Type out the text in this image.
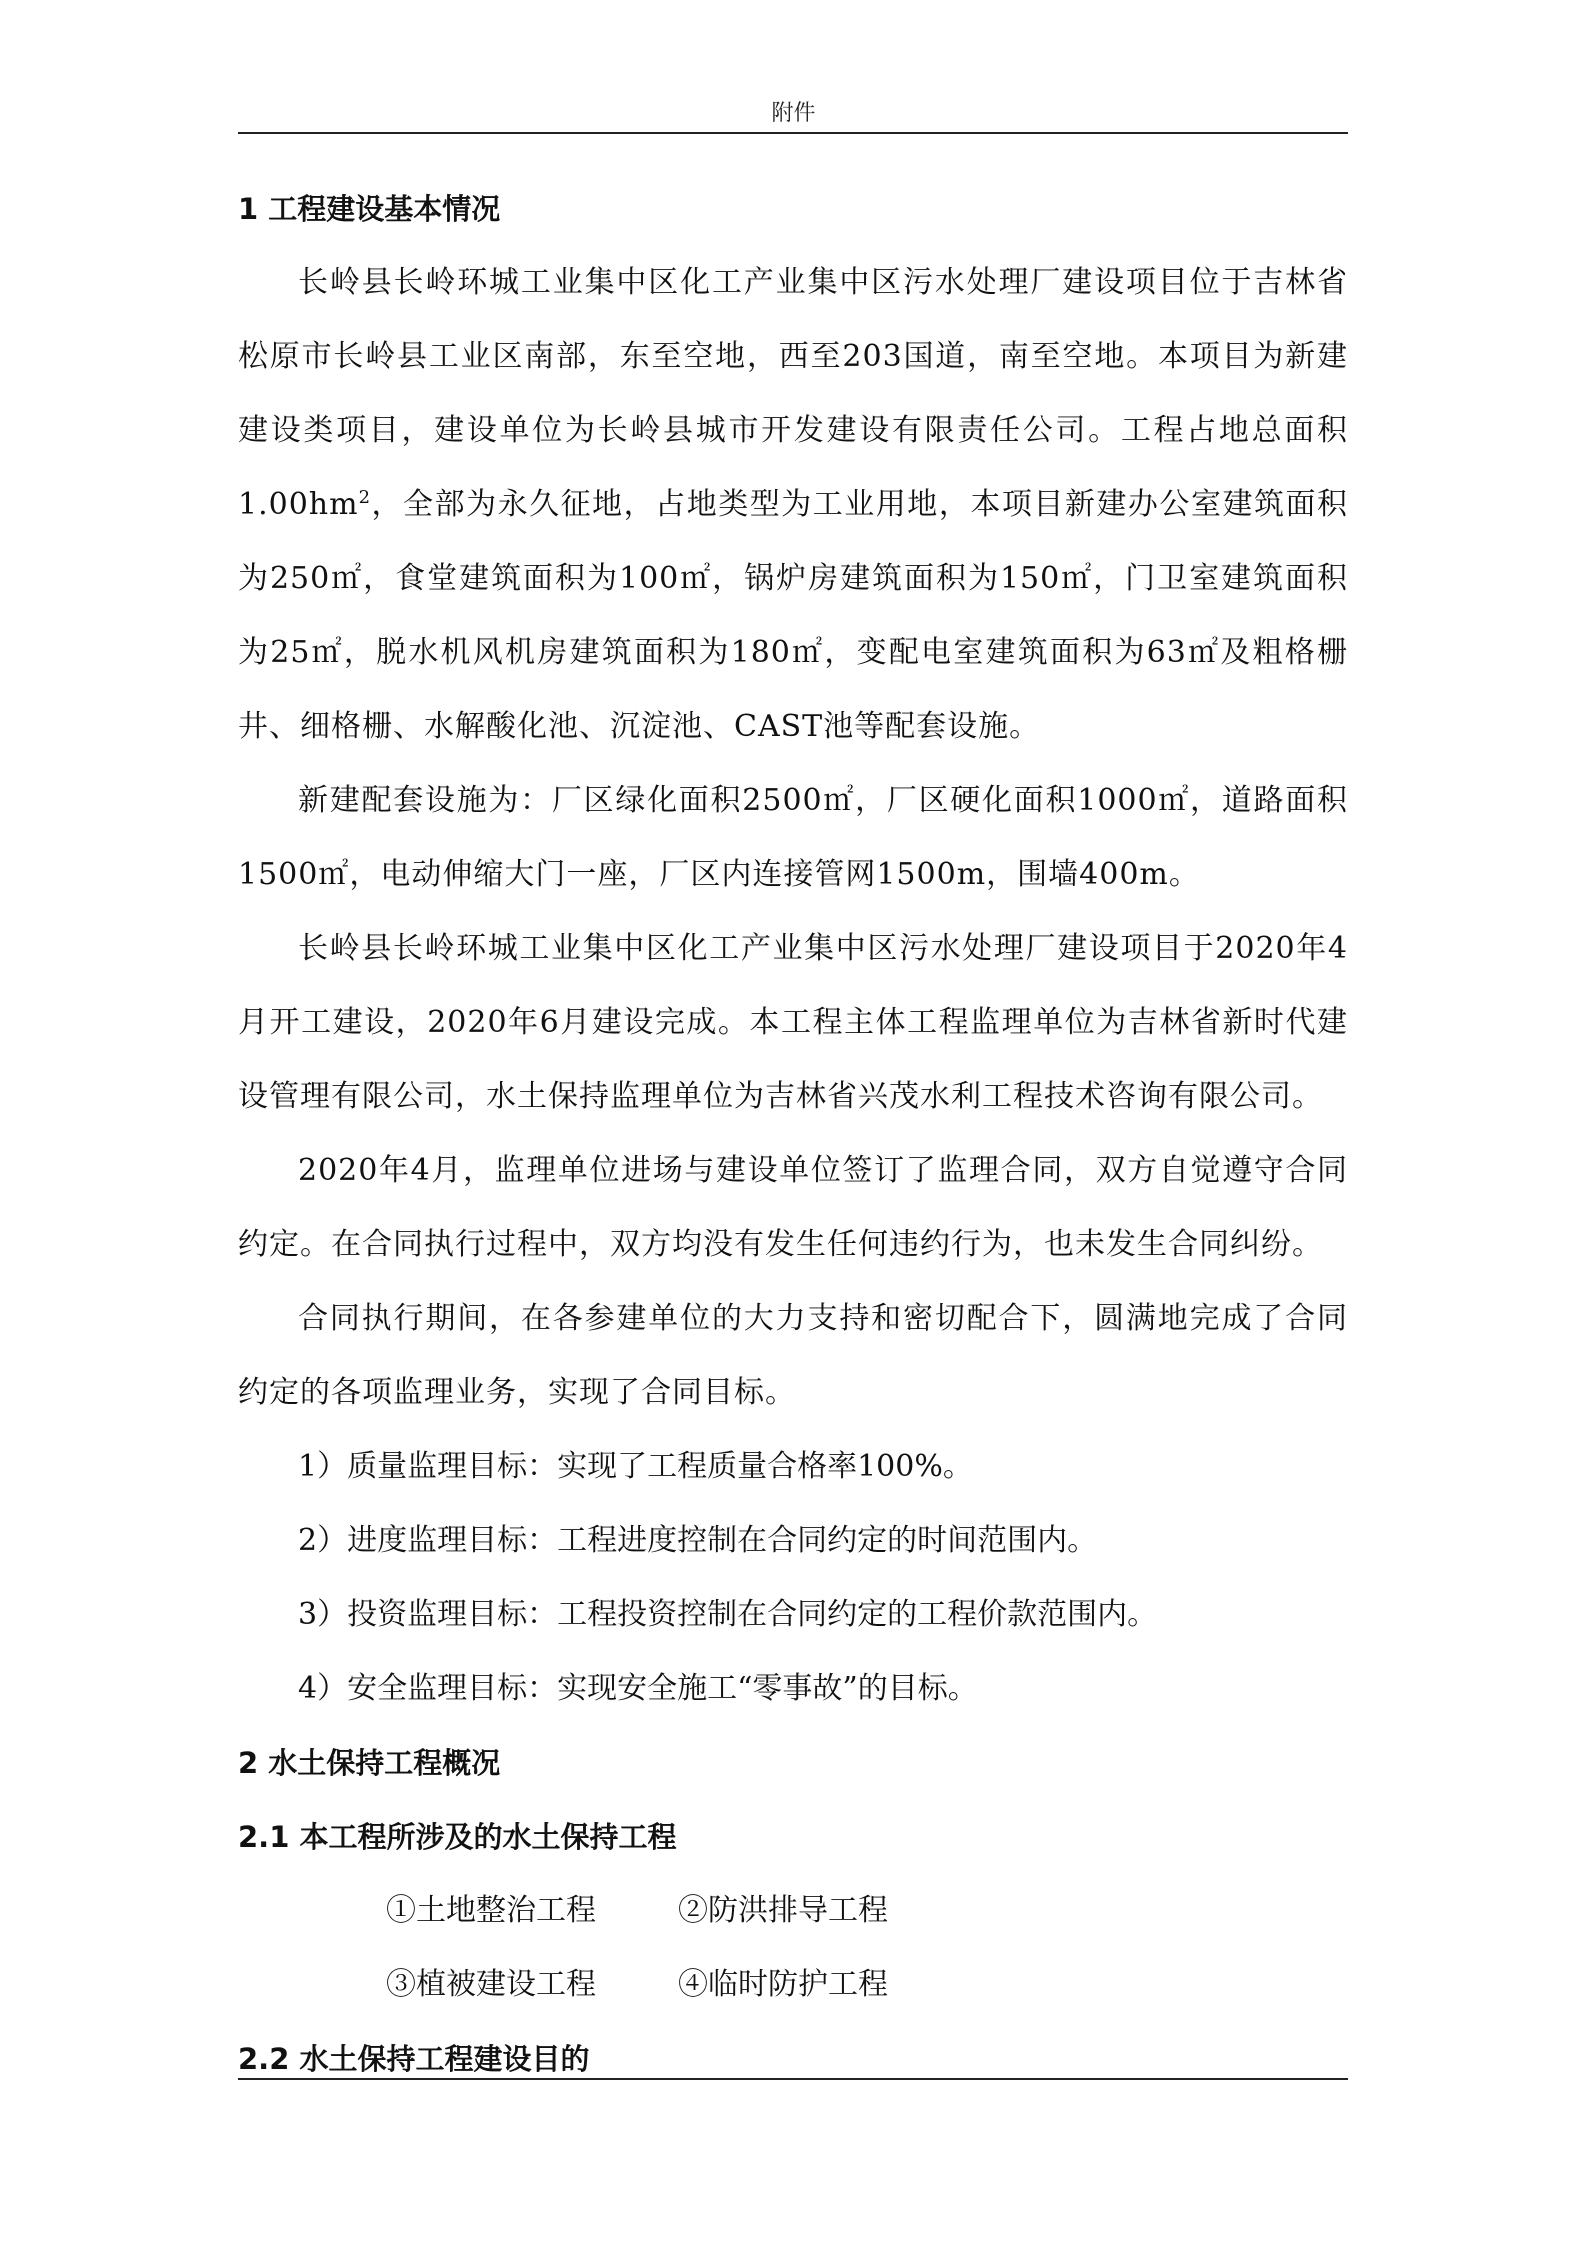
附件
1 工程建设基本情况
长岭县长岭环城工业集中区化工产业集中区污水处理厂建设项目位于吉林省松原市长岭县工业区南部，东至空地，西至203国道，南至空地。本项目为新建建设类项目，建设单位为长岭县城市开发建设有限责任公司。工程占地总面积$1.00hm^2$，全部为永久征地，占地类型为工业用地，本项目新建办公室建筑面积为250㎡，食堂建筑面积为100㎡，锅炉房建筑面积为150㎡，门卫室建筑面积为25㎡，脱水机风机房建筑面积为180㎡，变配电室建筑面积为63㎡及粗格栅井、细格栅、水解酸化池、沉淀池、CAST池等配套设施。
新建配套设施为：厂区绿化面积2500㎡，厂区硬化面积1000㎡，道路面积1500㎡，电动伸缩大门一座，厂区内连接管网1500m，围墙400m。
长岭县长岭环城工业集中区化工产业集中区污水处理厂建设项目于2020年4月开工建设，2020年6月建设完成。本工程主体工程监理单位为吉林省新时代建设管理有限公司，水土保持监理单位为吉林省兴茂水利工程技术咨询有限公司。
2020年4月，监理单位进场与建设单位签订了监理合同，双方自觉遵守合同约定。在合同执行过程中，双方均没有发生任何违约行为，也未发生合同纠纷。
合同执行期间，在各参建单位的大力支持和密切配合下，圆满地完成了合同约定的各项监理业务，实现了合同目标。
1）质量监理目标：实现了工程质量合格率100%。
2）进度监理目标：工程进度控制在合同约定的时间范围内。
3）投资监理目标：工程投资控制在合同约定的工程价款范围内。
4）安全监理目标：实现安全施工“零事故”的目标。
2 水土保持工程概况
2.1 本工程所涉及的水土保持工程
①土地整治工程	②防洪排导工程
③植被建设工程	④临时防护工程
2.2 水土保持工程建设目的
